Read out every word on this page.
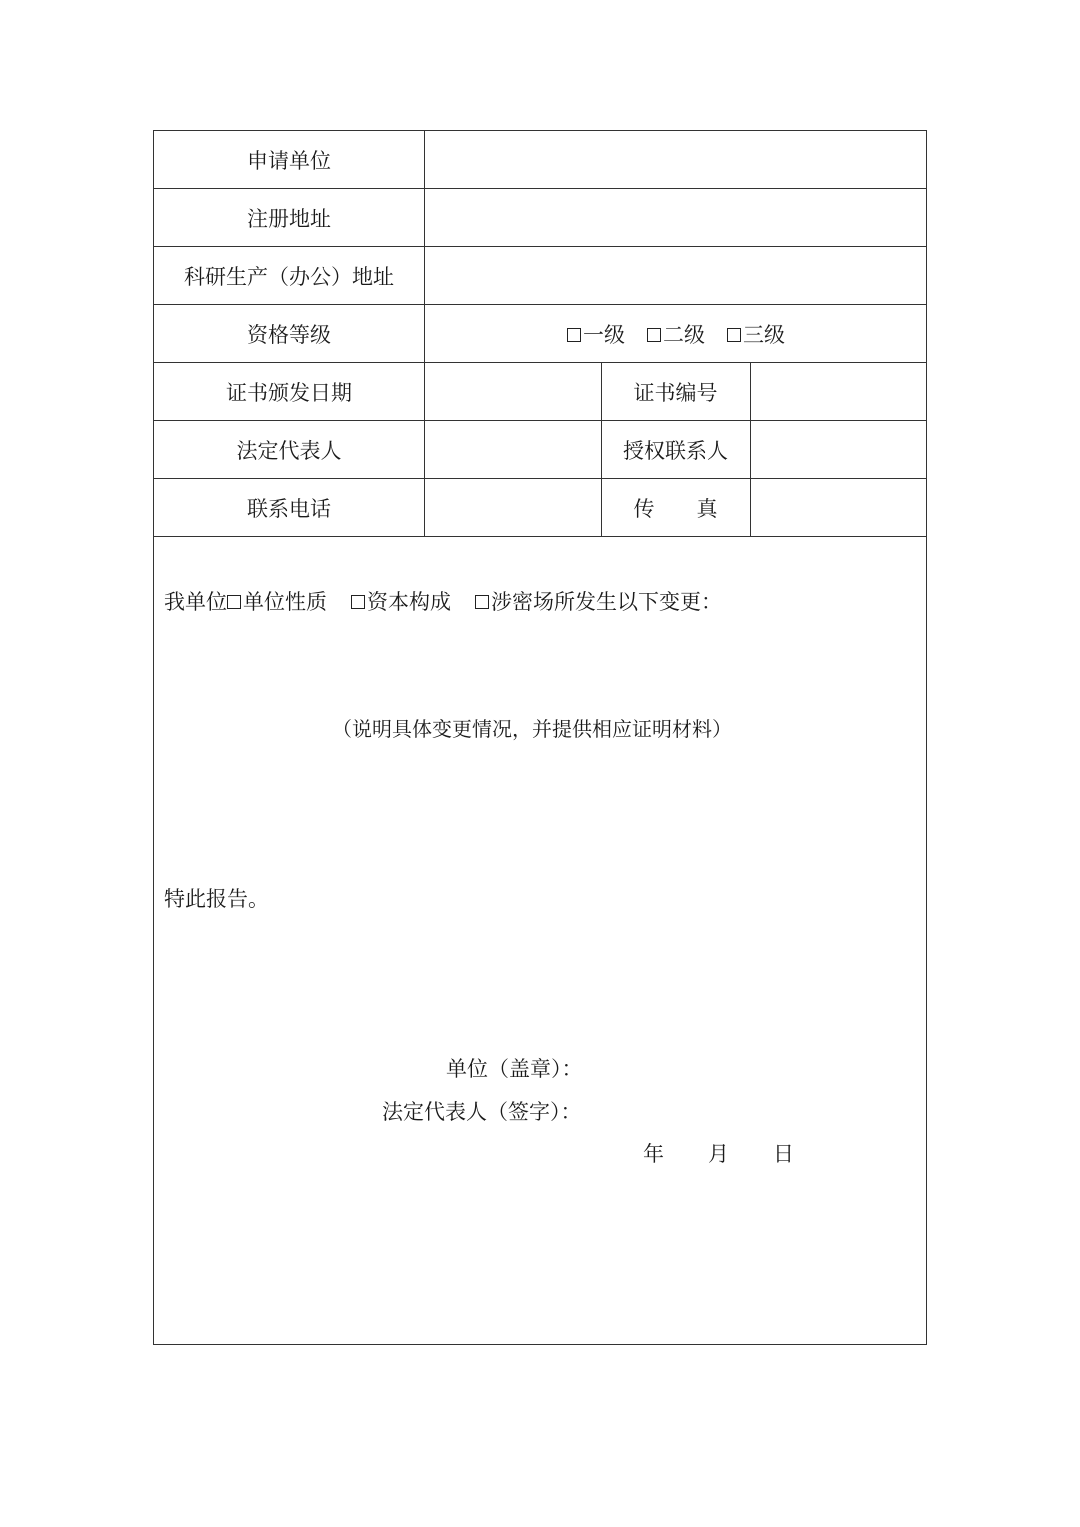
申请单位
注册地址
科研生产（办公）地址
资格等级	一级 二级 三级
证书颁发日期	证书编号
法定代表人	授权联系人
联系电话	传　　真
我单位 单位性质 资本构成 涉密场所发生以下变更：
（说明具体变更情况，并提供相应证明材料）
特此报告。
单位（盖章）：
法定代表人（签字）：
年 月 日
